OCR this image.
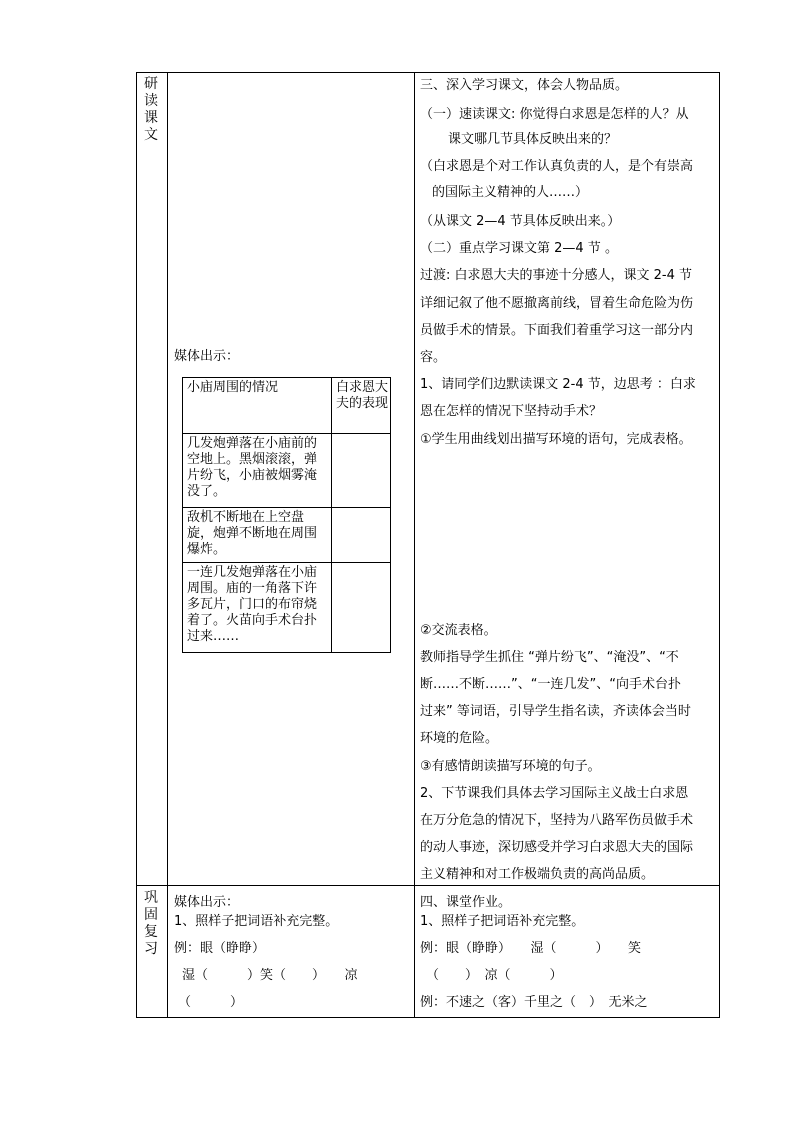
研读课文
媒体出示：
小庙周围的情况	白求恩大夫的表现
几发炮弹落在小庙前的空地上。黑烟滚滚，弹片纷飞，小庙被烟雾淹没了。
敌机不断地在上空盘旋，炮弹不断地在周围爆炸。
一连几发炮弹落在小庙周围。庙的一角落下许多瓦片，门口的布帘烧着了。火苗向手术台扑过来……
三、深入学习课文，体会人物品质。
（一）速读课文: 你觉得白求恩是怎样的人？从
课文哪几节具体反映出来的？
（白求恩是个对工作认真负责的人，是个有崇高
的国际主义精神的人……）
（从课文 2—4 节具体反映出来。）
（二）重点学习课文第 2—4 节 。
过渡: 白求恩大夫的事迹十分感人，课文 2-4 节
详细记叙了他不愿撤离前线，冒着生命危险为伤
员做手术的情景。下面我们着重学习这一部分内
容。
1、请同学们边默读课文 2-4 节，边思考 ：白求
恩在怎样的情况下坚持动手术？
①学生用曲线划出描写环境的语句，完成表格。
②交流表格。
教师指导学生抓住 “弹片纷飞”、“淹没”、“不
断……不断……”、“一连几发”、“向手术台扑
过来” 等词语，引导学生指名读，齐读体会当时
环境的危险。
③有感情朗读描写环境的句子。
2、下节课我们具体去学习国际主义战士白求恩
在万分危急的情况下，坚持为八路军伤员做手术
的动人事迹，深切感受并学习白求恩大夫的国际
主义精神和对工作极端负责的高尚品质。
巩固复习
媒体出示：
1、照样子把词语补充完整。
例：眼（睁睁）
湿（　　　）笑（　　）　　凉
（　　　）
四、课堂作业。
1、照样子把词语补充完整。
例：眼（睁睁）　　湿（　　　）　　笑
（　　）　凉（　　　）
例：不速之（客）千里之（　）　无米之
